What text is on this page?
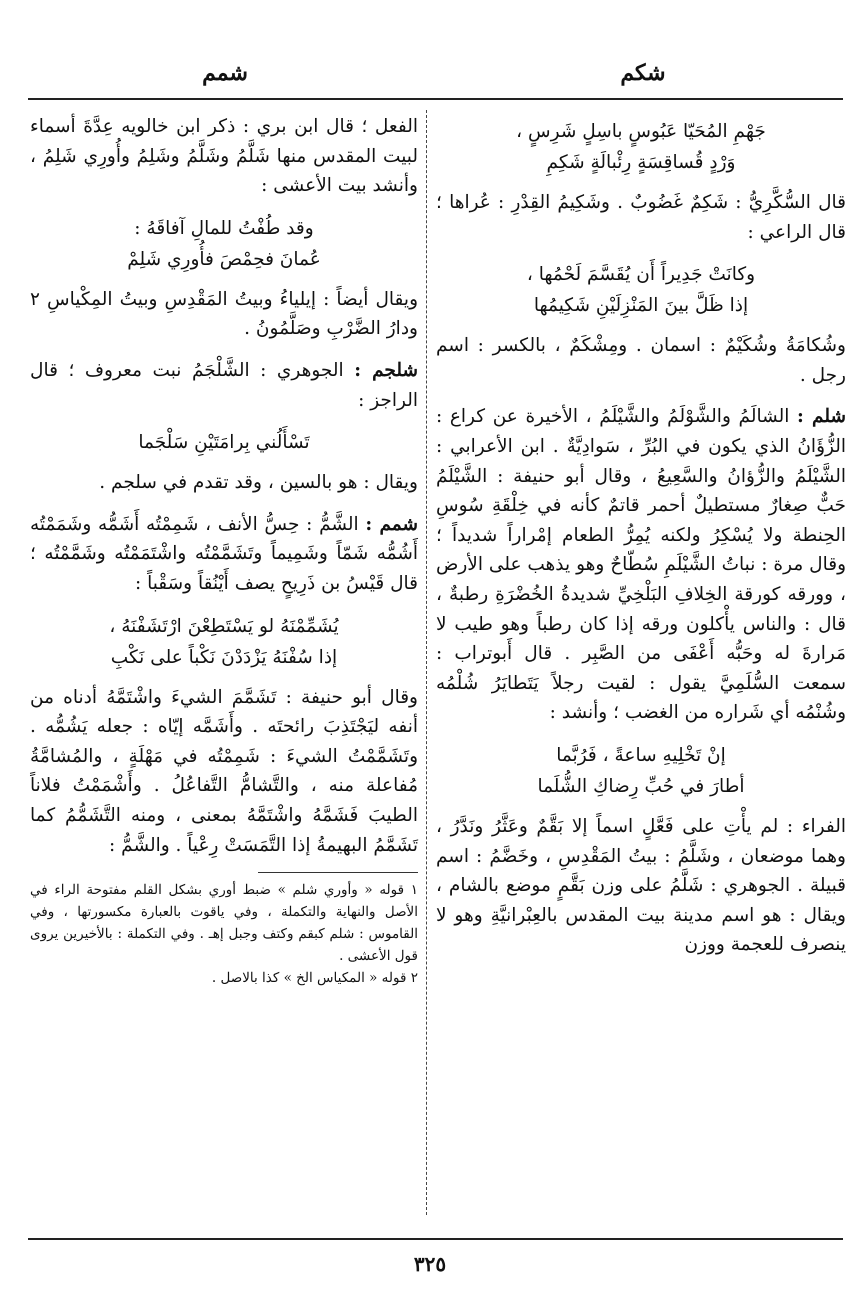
شكم
شمم
جَهْمِ المُحَيّا عَبُوسٍ باسِلٍ شَرِسٍ ،
وَرْدٍ قُساقِسَةٍ رِئْبالَةٍ شَكِمِ

قال السُّكَّرِيُّ : شَكِمٌ غَضُوبٌ . وشَكِيمُ القِدْرِ : عُراها ؛ قال الراعي :

وكانَتْ جَدِيراً أَن يُقَسَّمَ لَحْمُها ،
إذا ظَلَّ بينَ المَنْزِلَيْنِ شَكِيمُها

وشُكامَةُ وشُكَيْمٌ : اسمان . ومِشْكَمٌ ، بالكسر : اسم رجل .

شلم : الشالَمُ والشَّوْلَمُ والشَّيْلَمُ ، الأخيرة عن كراع : الزُّؤَانُ الذي يكون في البُرِّ ، سَوادِيَّةٌ . ابن الأعرابي : الشَّيْلَمُ والزُّؤانُ والسَّعِيعُ ، وقال أبو حنيفة : الشَّيْلَمُ حَبٌّ صِغارٌ مستطيلٌ أحمر قاتمٌ كأنه في خِلْقَةِ سُوسِ الحِنطة ولا يُسْكِرُ ولكنه يُمِرُّ الطعام إمْراراً شديداً ؛ وقال مرة : نباتُ الشَّيْلَمِ سُطّاحٌ وهو يذهب على الأرض ، وورقه كورقة الخِلافِ البَلْخِيِّ شديدةُ الخُضْرَةِ رطبةٌ ، قال : والناس يأْكلون ورقه إذا كان رطباً وهو طيب لا مَرارةَ له وحَبُّه أَعْفَى من الصَّبِر . قال أَبوتراب : سمعت السُّلَمِيَّ يقول : لقيت رجلاً يَتَطايَرُ شُلْمُه وشُنْمُه أي شَراره من الغضب ؛ وأنشد :

إنْ تَخْلِيهِ ساعةً ، فَرُبَّما
أطارَ في حُبِّ رِضاكِ الشُّلَما

الفراء : لم يأْتِ على فَعَّلٍ اسماً إلا بَقَّمٌ وعَثَّرُ ونَدَّرُ ، وهما موضعان ، وشَلَّمُ : بيتُ المَقْدِسِ ، وخَضَّمُ : اسم قبيلة . الجوهري : شَلَّمُ على وزن بَقَّمٍ موضع بالشام ، ويقال : هو اسم مدينة بيت المقدس بالعِبْرانيَّةِ وهو لا ينصرف للعجمة ووزن

الفعل ؛ قال ابن بري : ذكر ابن خالويه عِدَّةَ أسماء لبيت المقدس منها شَلَّمُ وشَلَّمُ وشَلِمُ وأُورِي شَلِمُ ، وأنشد بيت الأعشى :

وقد طُفْتُ للمالِ آفاقَهُ :
عُمانَ فحِمْصَ فأُورِي شَلِمْ

ويقال أيضاً : إيلياءُ وبيتُ المَقْدِسِ وبيتُ المِكْياسِ ٢ ودارُ الضَّرْبِ وصَلَّمُونُ .

شلجم : الجوهري : الشَّلْجَمُ نبت معروف ؛ قال الراجز :

تَسْأَلُني بِرامَتَيْنِ سَلْجَما

ويقال : هو بالسين ، وقد تقدم في سلجم .

شمم : الشَّمُّ : حِسُّ الأنف ، شَمِمْتُه أَشَمُّه وشَمَمْتُه أَشُمُّه شَمّاً وشَمِيماً وتَشَمَّمْتُه واشْتَمَمْتُه وشَمَّمْتُه ؛ قال قَيْسُ بن ذَرِيحٍ يصف أَيْنُقاً وسَقْباً :

يُشَمِّمْنَهُ لو يَسْتَطِعْنَ ارْتَشَفْنَهُ ،
إذا سُفْنَهُ يَزْدَدْنَ نَكْباً على نَكْبِ

وقال أبو حنيفة : تَشَمَّمَ الشيءَ واشْتَمَّهُ أدناه من أنفه ليَجْتَذِبَ رائحتَه . وأَشَمَّه إيّاه : جعله يَشُمُّه . وتَشَمَّمْتُ الشيءَ : شَمِمْتُه في مَهْلَةٍ ، والمُشامَّةُ مُفاعلة منه ، والتَّشامُّ التَّفاعُلُ . وأَشْمَمْتُ فلاناً الطيبَ فَشَمَّهُ واشْتَمَّهُ بمعنى ، ومنه التَّشَمُّمُ كما تَشَمَّمُ البهيمةُ إذا التَّمَسَتْ رِعْياً . والشَّمُّ :

١ قوله « وأوري شلم » ضبط أوري بشكل القلم مفتوحة الراء في الأصل والنهاية والتكملة ، وفي ياقوت بالعبارة مكسورتها ، وفي القاموس : شلم كبقم وكتف وجبل إهـ . وفي التكملة : بالأخيرين يروى قول الأعشى .

٢ قوله « المكياس الخ » كذا بالاصل .

٣٢٥
